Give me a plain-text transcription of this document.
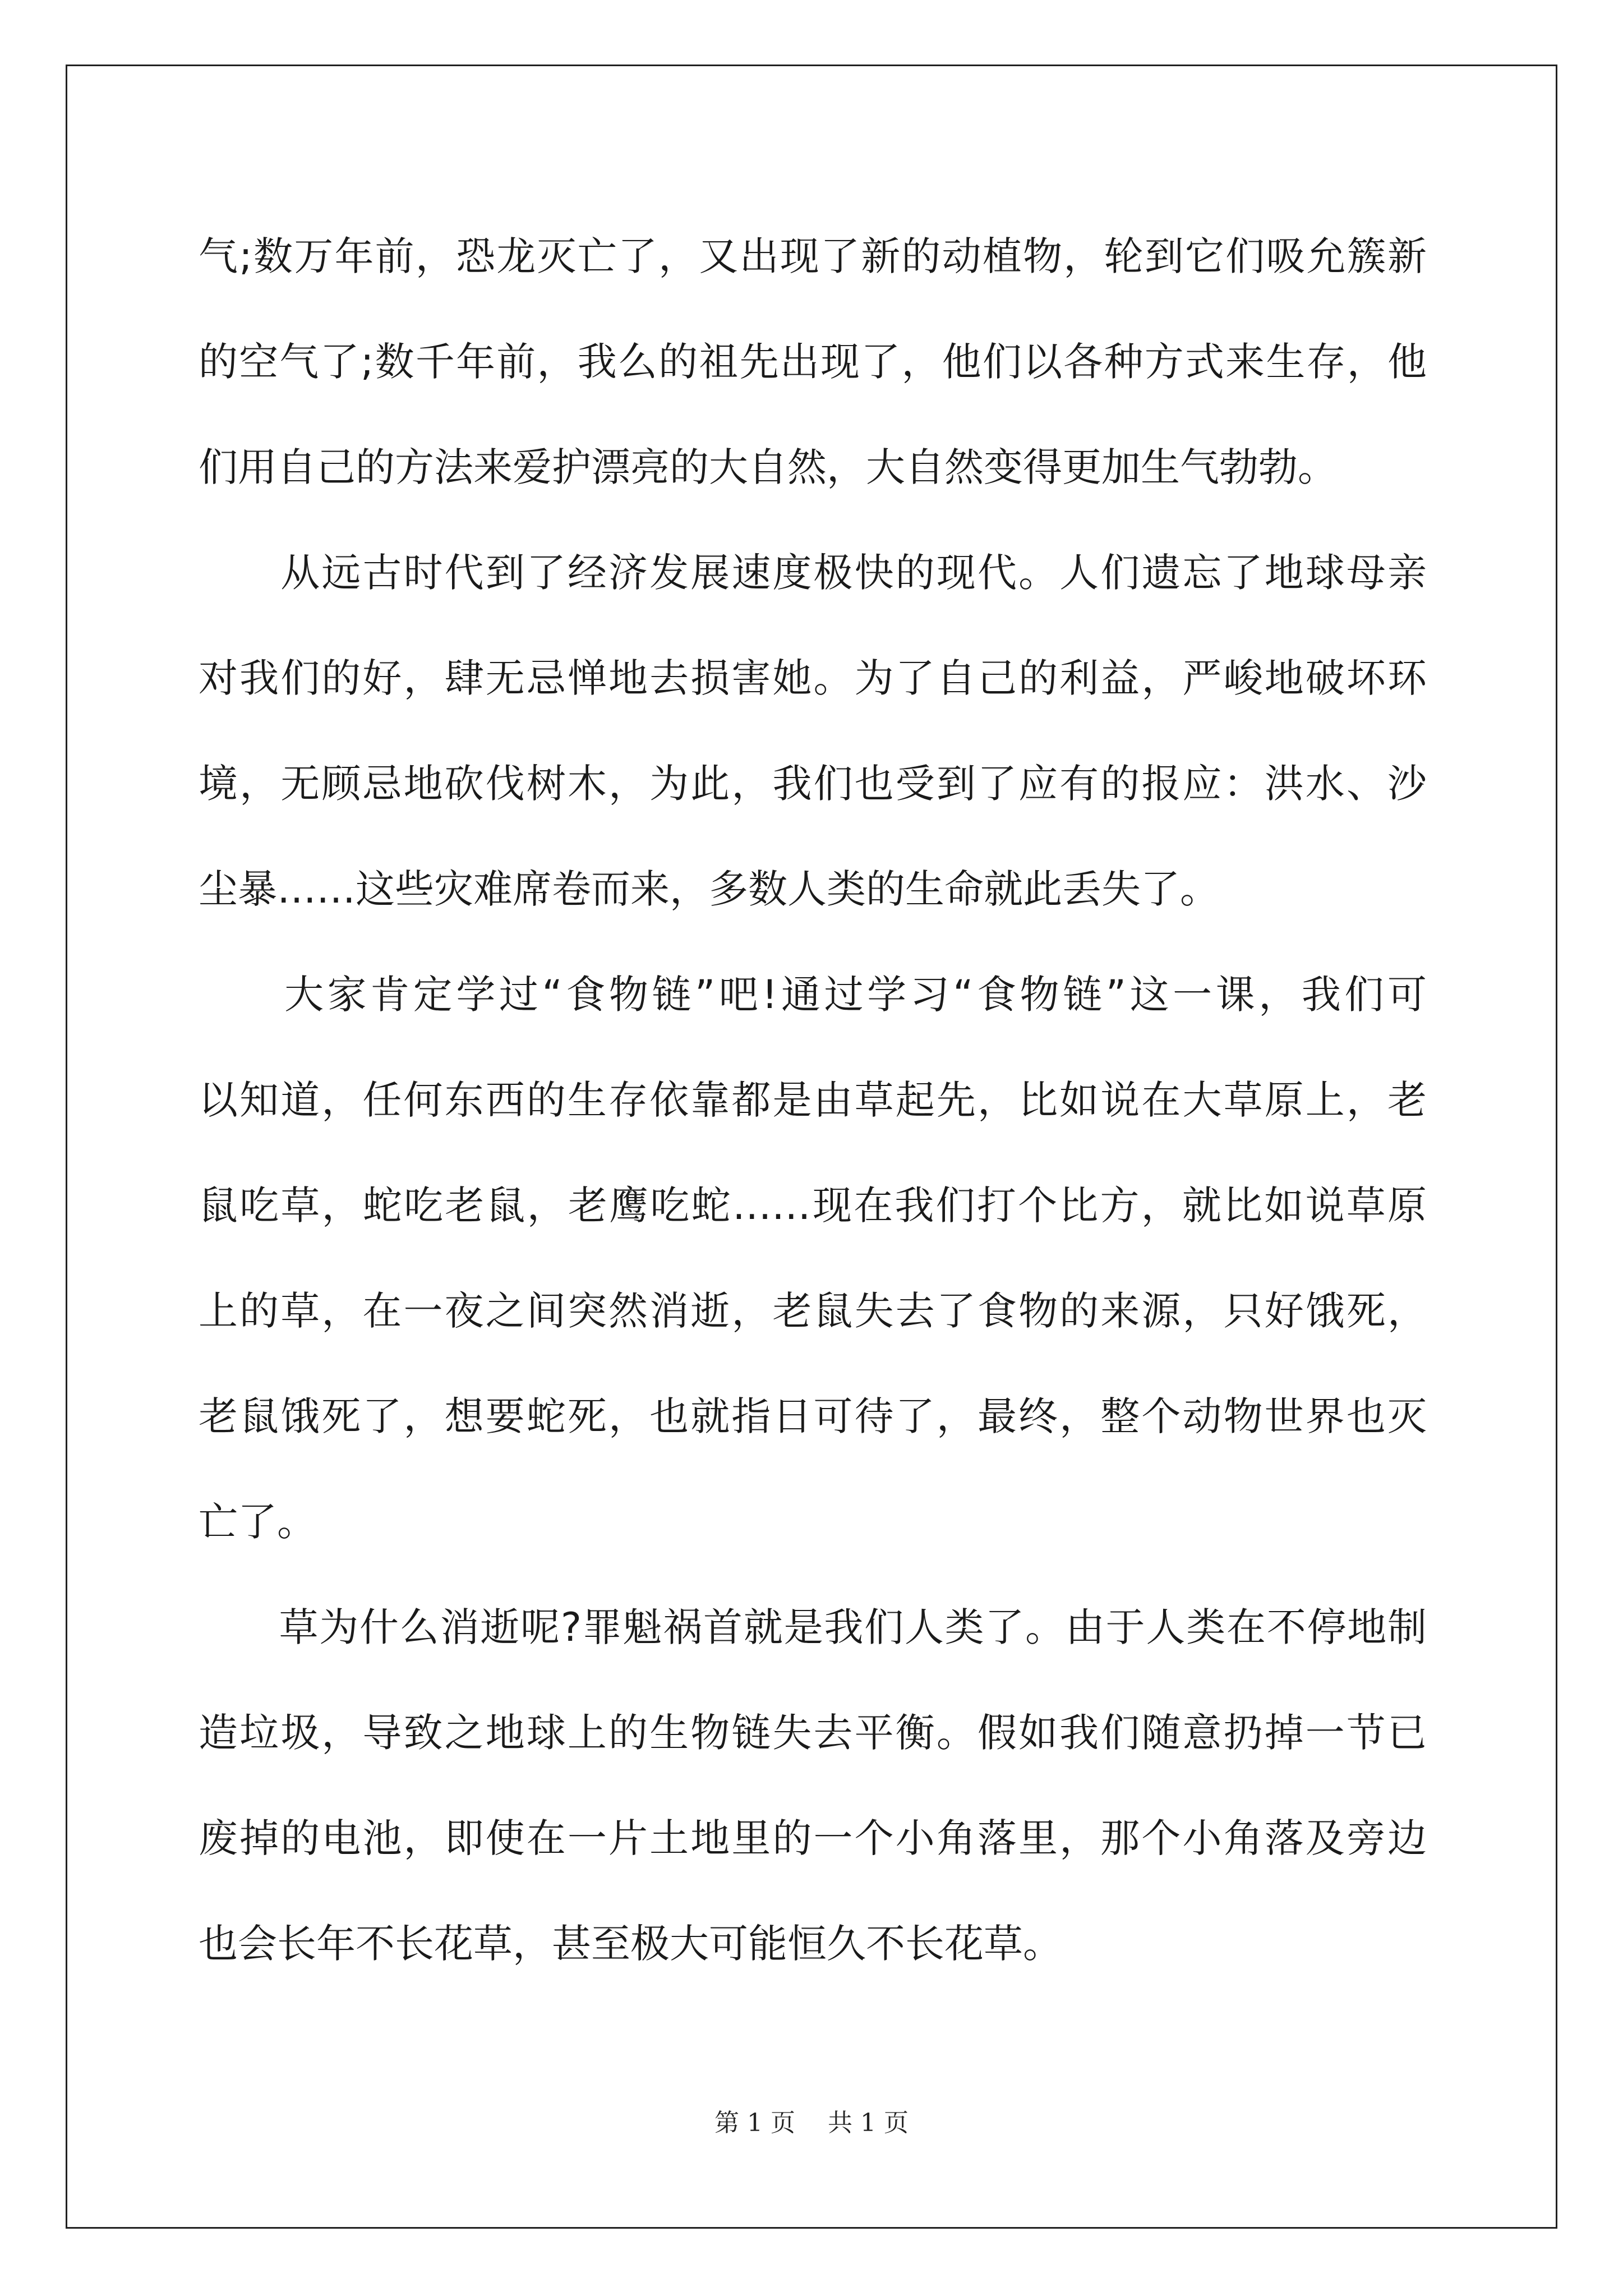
气;数万年前，恐龙灭亡了，又出现了新的动植物，轮到它们吸允簇新
的空气了;数千年前，我么的祖先出现了，他们以各种方式来生存，他
们用自己的方法来爱护漂亮的大自然，大自然变得更加生气勃勃。
　　从远古时代到了经济发展速度极快的现代。人们遗忘了地球母亲
对我们的好，肆无忌惮地去损害她。为了自己的利益，严峻地破坏环
境，无顾忌地砍伐树木，为此，我们也受到了应有的报应：洪水、沙
尘暴……这些灾难席卷而来，多数人类的生命就此丢失了。
　　大家肯定学过“食物链”吧!通过学习“食物链”这一课，我们可
以知道，任何东西的生存依靠都是由草起先，比如说在大草原上，老
鼠吃草，蛇吃老鼠，老鹰吃蛇……现在我们打个比方，就比如说草原
上的草，在一夜之间突然消逝，老鼠失去了食物的来源，只好饿死，
老鼠饿死了，想要蛇死，也就指日可待了，最终，整个动物世界也灭
亡了。
　　草为什么消逝呢?罪魁祸首就是我们人类了。由于人类在不停地制
造垃圾，导致之地球上的生物链失去平衡。假如我们随意扔掉一节已
废掉的电池，即使在一片土地里的一个小角落里，那个小角落及旁边
也会长年不长花草，甚至极大可能恒久不长花草。
第 1 页　 共 1 页
